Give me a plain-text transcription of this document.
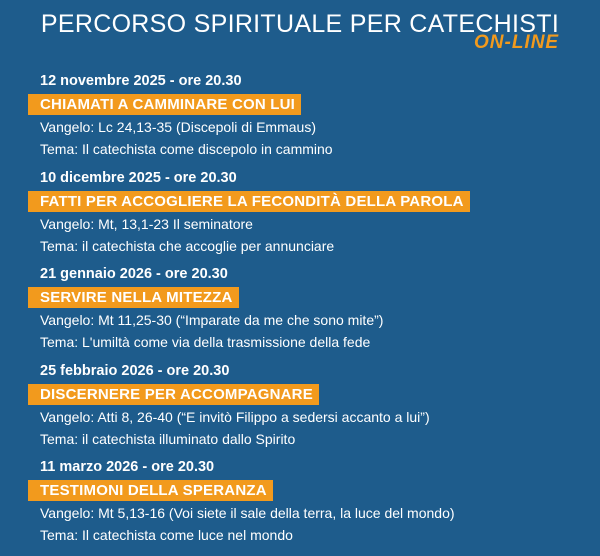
PERCORSO SPIRITUALE PER CATECHISTI
ON-LINE
12 novembre 2025 - ore 20.30
CHIAMATI A CAMMINARE CON LUI
Vangelo: Lc 24,13-35 (Discepoli di Emmaus)
Tema: Il catechista come discepolo in cammino
10 dicembre 2025 - ore 20.30
FATTI PER ACCOGLIERE LA FECONDITÀ DELLA PAROLA
Vangelo: Mt, 13,1-23 Il seminatore
Tema: il catechista che accoglie per annunciare
21 gennaio 2026 - ore 20.30
SERVIRE NELLA MITEZZA
Vangelo: Mt 11,25-30 (“Imparate da me che sono mite”)
Tema: L'umiltà come via della trasmissione della fede
25 febbraio 2026 - ore 20.30
DISCERNERE PER ACCOMPAGNARE
Vangelo: Atti 8, 26-40 (“E invitò Filippo a sedersi accanto a lui”)
Tema: il catechista illuminato dallo Spirito
11 marzo 2026 - ore 20.30
TESTIMONI DELLA SPERANZA
Vangelo: Mt 5,13-16 (Voi siete il sale della terra, la luce del mondo)
Tema: Il catechista come luce nel mondo
